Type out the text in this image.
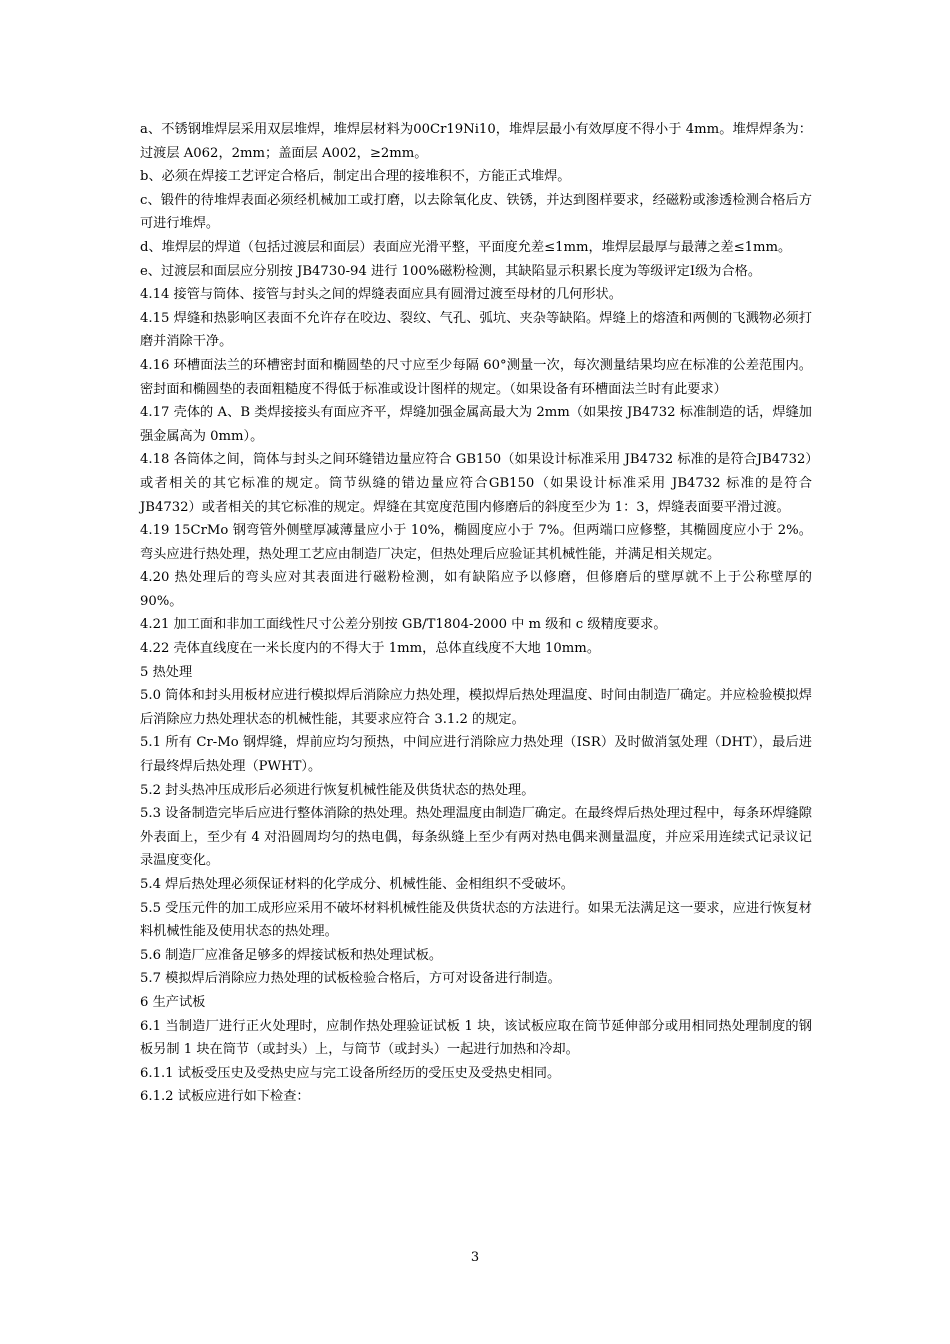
a、不锈钢堆焊层采用双层堆焊，堆焊层材料为00Cr19Ni10，堆焊层最小有效厚度不得小于 4mm。堆焊焊条为：过渡层 A062，2mm；盖面层 A002，≥2mm。

b、必须在焊接工艺评定合格后，制定出合理的接堆积不，方能正式堆焊。

c、锻件的待堆焊表面必须经机械加工或打磨，以去除氧化皮、铁锈，并达到图样要求，经磁粉或渗透检测合格后方可进行堆焊。

d、堆焊层的焊道（包括过渡层和面层）表面应光滑平整，平面度允差≤1mm，堆焊层最厚与最薄之差≤1mm。

e、过渡层和面层应分别按 JB4730-94 进行 100%磁粉检测，其缺陷显示积累长度为等级评定Ⅰ级为合格。

4.14 接管与筒体、接管与封头之间的焊缝表面应具有圆滑过渡至母材的几何形状。

4.15 焊缝和热影响区表面不允许存在咬边、裂纹、气孔、弧坑、夹杂等缺陷。焊缝上的熔渣和两侧的飞溅物必须打磨并消除干净。

4.16 环槽面法兰的环槽密封面和椭圆垫的尺寸应至少每隔 60°测量一次，每次测量结果均应在标准的公差范围内。密封面和椭圆垫的表面粗糙度不得低于标准或设计图样的规定。（如果设备有环槽面法兰时有此要求）

4.17 壳体的 A、B 类焊接接头有面应齐平，焊缝加强金属高最大为 2mm（如果按 JB4732 标准制造的话，焊缝加强金属高为 0mm）。

4.18 各筒体之间，筒体与封头之间环缝错边量应符合 GB150（如果设计标准采用 JB4732 标准的是符合JB4732）或者相关的其它标准的规定。筒节纵缝的错边量应符合GB150（如果设计标准采用 JB4732 标准的是符合 JB4732）或者相关的其它标准的规定。焊缝在其宽度范围内修磨后的斜度至少为 1：3，焊缝表面要平滑过渡。

4.19 15CrMo 钢弯管外侧壁厚减薄量应小于 10%，椭圆度应小于 7%。但两端口应修整，其椭圆度应小于 2%。弯头应进行热处理，热处理工艺应由制造厂决定，但热处理后应验证其机械性能，并满足相关规定。

4.20 热处理后的弯头应对其表面进行磁粉检测，如有缺陷应予以修磨，但修磨后的壁厚就不上于公称壁厚的 90%。

4.21 加工面和非加工面线性尺寸公差分别按 GB/T1804-2000 中 m 级和 c 级精度要求。

4.22 壳体直线度在一米长度内的不得大于 1mm，总体直线度不大地 10mm。

5 热处理

5.0 筒体和封头用板材应进行模拟焊后消除应力热处理，模拟焊后热处理温度、时间由制造厂确定。并应检验模拟焊后消除应力热处理状态的机械性能，其要求应符合 3.1.2 的规定。

5.1 所有 Cr-Mo 钢焊缝，焊前应均匀预热，中间应进行消除应力热处理（ISR）及时做消氢处理（DHT），最后进行最终焊后热处理（PWHT）。

5.2 封头热冲压成形后必须进行恢复机械性能及供货状态的热处理。

5.3 设备制造完毕后应进行整体消除的热处理。热处理温度由制造厂确定。在最终焊后热处理过程中，每条环焊缝隙外表面上，至少有 4 对沿圆周均匀的热电偶，每条纵缝上至少有两对热电偶来测量温度，并应采用连续式记录议记录温度变化。

5.4 焊后热处理必须保证材料的化学成分、机械性能、金相组织不受破坏。

5.5 受压元件的加工成形应采用不破坏材料机械性能及供货状态的方法进行。如果无法满足这一要求，应进行恢复材料机械性能及使用状态的热处理。

5.6 制造厂应准备足够多的焊接试板和热处理试板。

5.7 模拟焊后消除应力热处理的试板检验合格后，方可对设备进行制造。

6 生产试板

6.1 当制造厂进行正火处理时，应制作热处理验证试板 1 块，该试板应取在筒节延伸部分或用相同热处理制度的钢板另制 1 块在筒节（或封头）上，与筒节（或封头）一起进行加热和冷却。

6.1.1 试板受压史及受热史应与完工设备所经历的受压史及受热史相同。

6.1.2 试板应进行如下检查：

3
